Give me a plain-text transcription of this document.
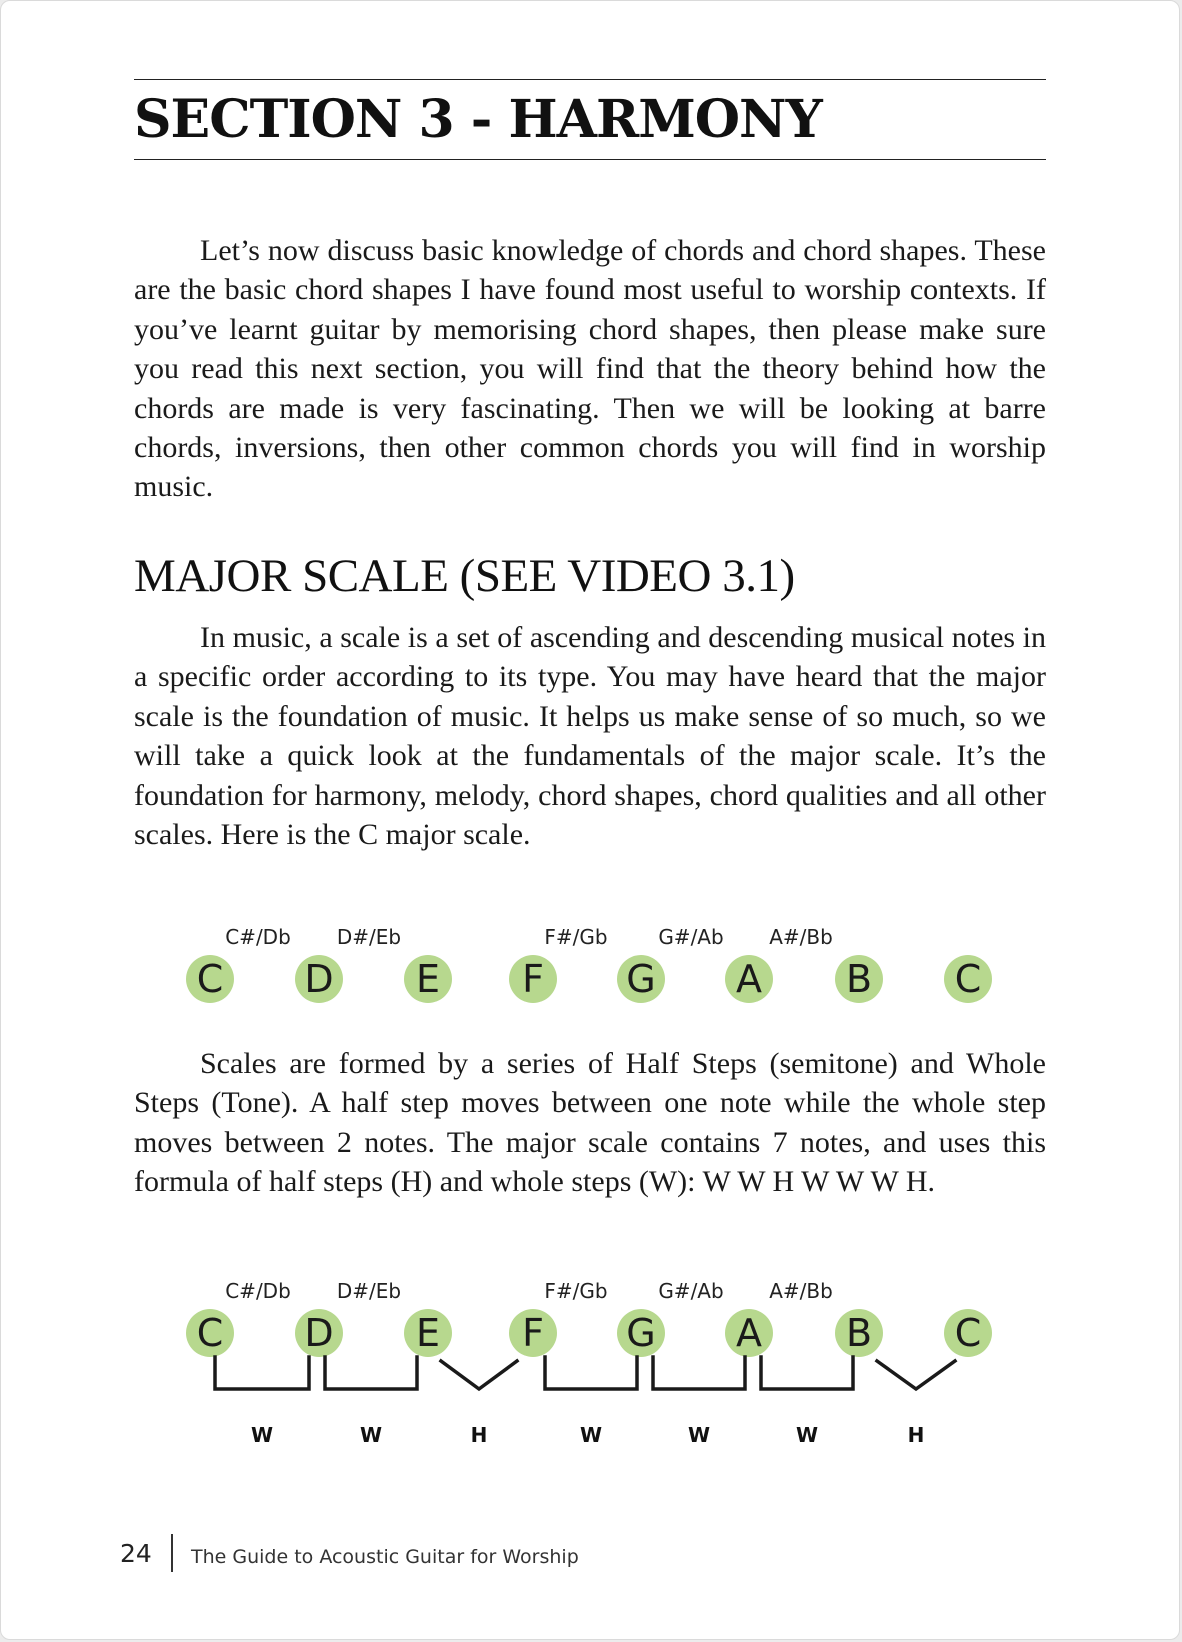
SECTION 3 - HARMONY

Let’s now discuss basic knowledge of chords and chord shapes. These are the basic chord shapes I have found most useful to worship contexts. If you’ve learnt guitar by memorising chord shapes, then please make sure you read this next section, you will find that the theory behind how the chords are made is very fascinating. Then we will be looking at barre chords, inversions, then other common chords you will find in worship music.

MAJOR SCALE (SEE VIDEO 3.1)

In music, a scale is a set of ascending and descending musical notes in a specific order according to its type. You may have heard that the major scale is the foundation of music. It helps us make sense of so much, so we will take a quick look at the fundamentals of the major scale. It’s the foundation for harmony, melody, chord shapes, chord qualities and all other scales. Here is the C major scale.

C#/Db D#/Eb	F#/Gb	G#/Ab A#/Bb
C D	E	F	G A B C

Scales are formed by a series of Half Steps (semitone) and Whole Steps (Tone). A half step moves between one note while the whole step moves between 2 notes. The major scale contains 7 notes, and uses this formula of half steps (H) and whole steps (W): W W H W W W H.

C#/Db D#/Eb	F#/Gb	G#/Ab A#/Bb
C D	E	F	G A B C
W	W	H	W	W	W	H
24 The Guide to Acoustic Guitar for Worship
